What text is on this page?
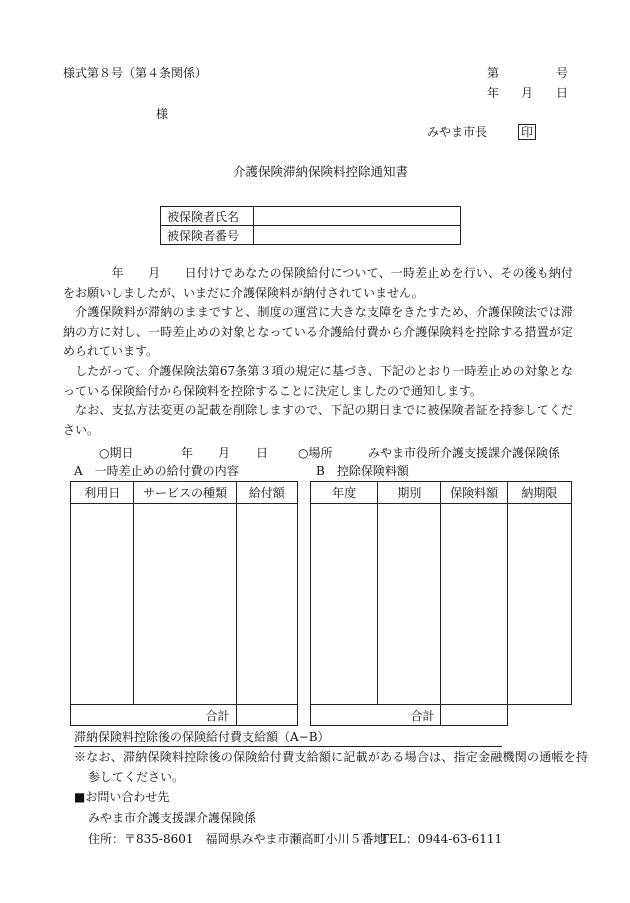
様式第８号（第４条関係）	第	号
年 月 日
様
みやま市長	印
介護保険滞納保険料控除通知書
被保険者氏名	
被保険者番号	
　　　　年　　月　　日付けであなたの保険給付について、一時差止めを行い、その後も納付をお願いしましたが、いまだに介護保険料が納付されていません。
　介護保険料が滞納のままですと、制度の運営に大きな支障をきたすため、介護保険法では滞納の方に対し、一時差止めの対象となっている介護給付費から介護保険料を控除する措置が定められています。
　したがって、介護保険法第67条第３項の規定に基づき、下記のとおり一時差止めの対象となっている保険給付から保険料を控除することに決定しましたので通知します。
　なお、支払方法変更の記載を削除しますので、下記の期日までに被保険者証を持参してください。
○期日	年 月 日 ○場所	みやま市役所介護支援課介護保険係
A　一時差止めの給付費の内容	B　控除保険料額
利用日	サービスの種類	給付額

合計		
年度	期別	保険料額	納期限

合計			
滞納保険料控除後の保険給付費支給額（A−B）
※なお、滞納保険料控除後の保険給付費支給額に記載がある場合は、指定金融機関の通帳を持参してください。
■お問い合わせ先
みやま市介護支援課介護保険係
住所：〒835-8601　福岡県みやま市瀬高町小川５番地
TEL：0944-63-6111
